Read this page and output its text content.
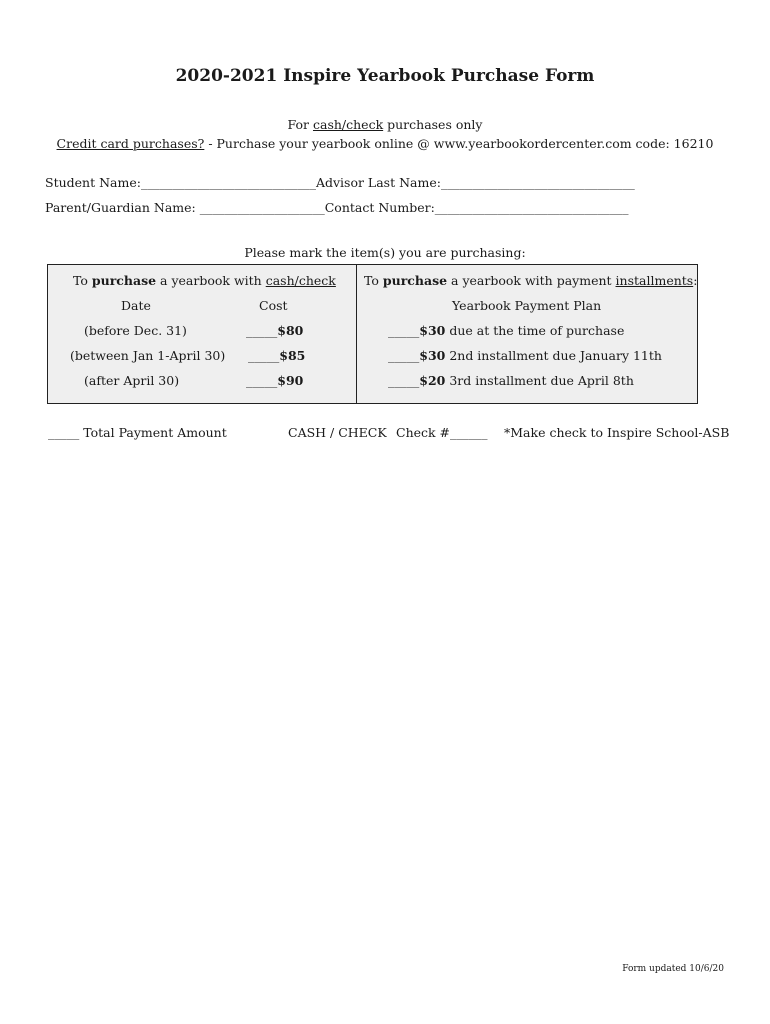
2020-2021 Inspire Yearbook Purchase Form
For cash/check purchases only
Credit card purchases? - Purchase your yearbook online @ www.yearbookordercenter.com code: 16210
Student Name:____________________________Advisor Last Name:_______________________________
Parent/Guardian Name: ____________________Contact Number:_______________________________
Please mark the item(s) you are purchasing:
To purchase a yearbook with cash/check
Date	Cost
(before Dec. 31)	_____$80
(between Jan 1-April 30) _____$85
(after April 30)	_____$90
To purchase a yearbook with payment installments:
Yearbook Payment Plan
_____$30 due at the time of purchase
_____$30 2nd installment due January 11th
_____$20 3rd installment due April 8th
_____ Total Payment Amount	CASH / CHECK Check #______ *Make check to Inspire School-ASB
Form updated 10/6/20
